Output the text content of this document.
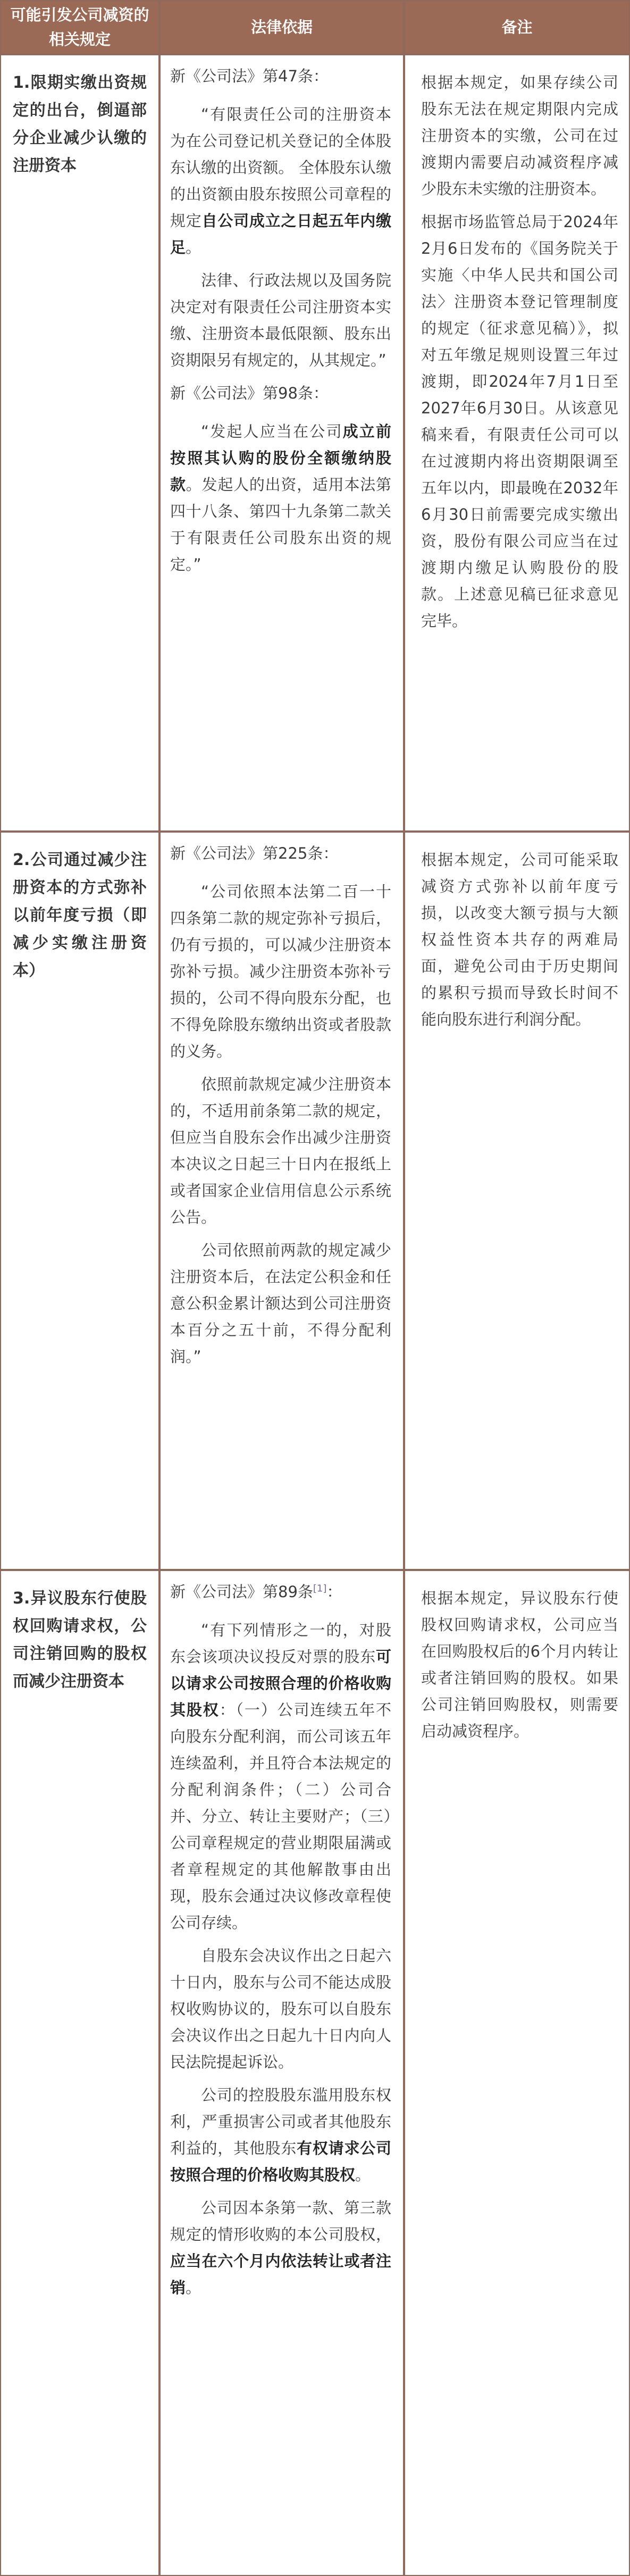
可能引发公司减资的相关规定
法律依据	备注
1.限期实缴出资规定的出台，倒逼部分企业减少认缴的注册资本

新《公司法》第47条：

“有限责任公司的注册资本为在公司登记机关登记的全体股东认缴的出资额。 全体股东认缴的出资额由股东按照公司章程的规定自公司成立之日起五年内缴足。

法律、行政法规以及国务院决定对有限责任公司注册资本实缴、注册资本最低限额、股东出资期限另有规定的，从其规定。”

新《公司法》第98条：

“发起人应当在公司成立前按照其认购的股份全额缴纳股款。发起人的出资，适用本法第四十八条、第四十九条第二款关于有限责任公司股东出资的规定。”

根据本规定，如果存续公司股东无法在规定期限内完成注册资本的实缴，公司在过渡期内需要启动减资程序减少股东未实缴的注册资本。

根据市场监管总局于2024年2月6日发布的《国务院关于实施〈中华人民共和国公司法〉注册资本登记管理制度的规定（征求意见稿）》，拟对五年缴足规则设置三年过渡期，即2024年7月1日至2027年6月30日。从该意见稿来看，有限责任公司可以在过渡期内将出资期限调至五年以内，即最晚在2032年6月30日前需要完成实缴出资，股份有限公司应当在过渡期内缴足认购股份的股款。上述意见稿已征求意见完毕。

2.公司通过减少注册资本的方式弥补以前年度亏损（即减少实缴注册资本）

新《公司法》第225条：

“公司依照本法第二百一十四条第二款的规定弥补亏损后，仍有亏损的，可以减少注册资本弥补亏损。减少注册资本弥补亏损的，公司不得向股东分配，也不得免除股东缴纳出资或者股款的义务。

依照前款规定减少注册资本的，不适用前条第二款的规定，但应当自股东会作出减少注册资本决议之日起三十日内在报纸上或者国家企业信用信息公示系统公告。

公司依照前两款的规定减少注册资本后，在法定公积金和任意公积金累计额达到公司注册资本百分之五十前，不得分配利润。”

根据本规定，公司可能采取减资方式弥补以前年度亏损，以改变大额亏损与大额权益性资本共存的两难局面，避免公司由于历史期间的累积亏损而导致长时间不能向股东进行利润分配。

3.异议股东行使股权回购请求权，公司注销回购的股权而减少注册资本

新《公司法》第89条[1]：

“有下列情形之一的，对股东会该项决议投反对票的股东可以请求公司按照合理的价格收购其股权：（一）公司连续五年不向股东分配利润，而公司该五年连续盈利，并且符合本法规定的分配利润条件；（二）公司合并、分立、转让主要财产；（三）公司章程规定的营业期限届满或者章程规定的其他解散事由出现，股东会通过决议修改章程使公司存续。

自股东会决议作出之日起六十日内，股东与公司不能达成股权收购协议的，股东可以自股东会决议作出之日起九十日内向人民法院提起诉讼。

公司的控股股东滥用股东权利，严重损害公司或者其他股东利益的，其他股东有权请求公司按照合理的价格收购其股权。

公司因本条第一款、第三款规定的情形收购的本公司股权，应当在六个月内依法转让或者注销。

根据本规定，异议股东行使股权回购请求权，公司应当在回购股权后的6个月内转让或者注销回购的股权。如果公司注销回购股权，则需要启动减资程序。
